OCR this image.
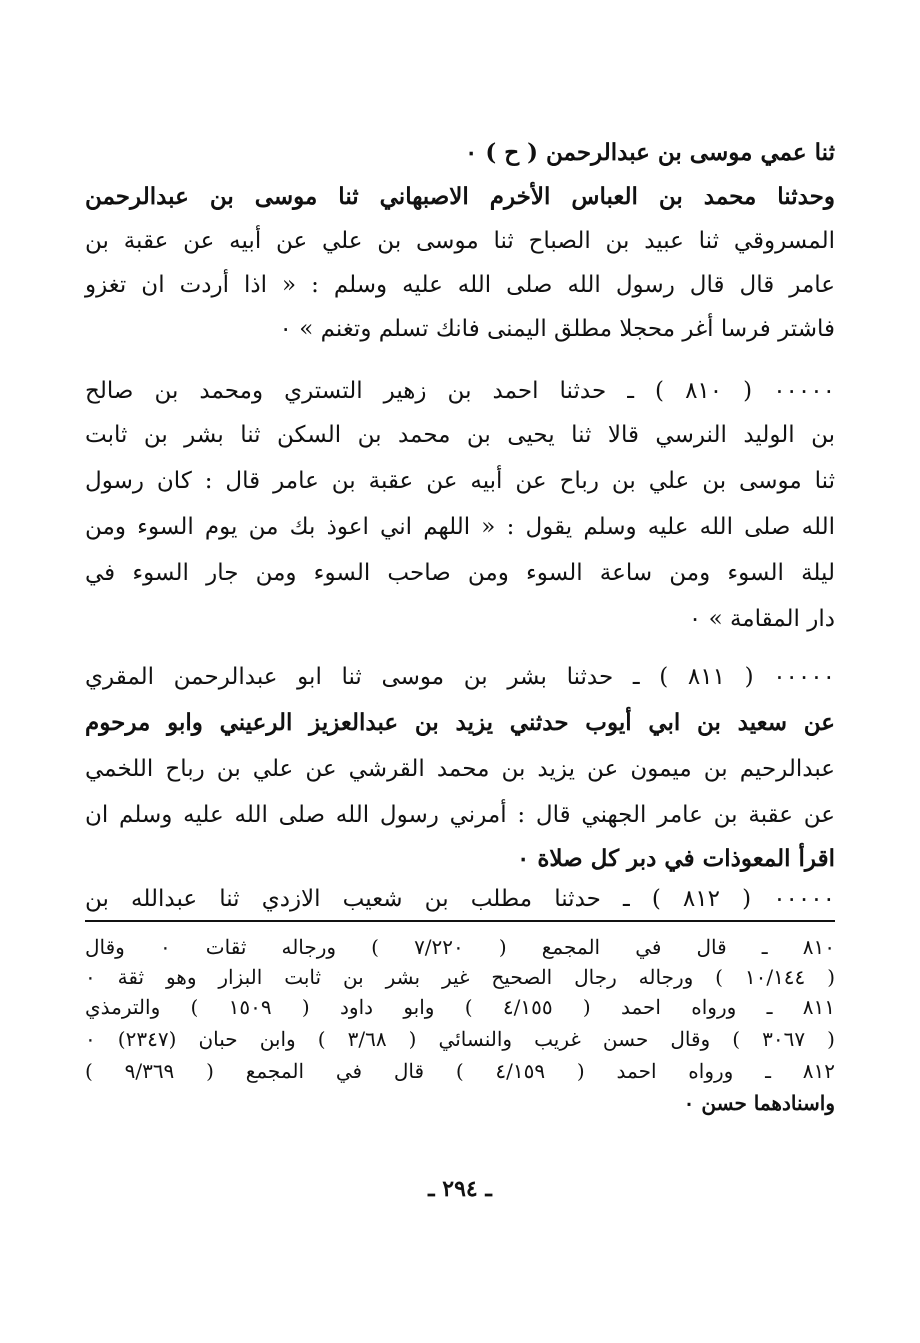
ثنا عمي موسى بن عبدالرحمن ( ح ) ٠
وحدثنا محمد بن العباس الأخرم الاصبهاني ثنا موسى بن عبدالرحمن
المسروقي ثنا عبيد بن الصباح ثنا موسى بن علي عن أبيه عن عقبة بن
عامر قال قال رسول الله صلى الله عليه وسلم : « اذا أردت ان تغزو
فاشتر فرسا أغر محجلا مطلق اليمنى فانك تسلم وتغنم » ٠
٠٠٠٠٠ ( ٨١٠ ) ـ حدثنا احمد بن زهير التستري ومحمد بن صالح
بن الوليد النرسي قالا ثنا يحيى بن محمد بن السكن ثنا بشر بن ثابت
ثنا موسى بن علي بن رباح عن أبيه عن عقبة بن عامر قال : كان رسول
الله صلى الله عليه وسلم يقول : « اللهم اني اعوذ بك من يوم السوء ومن
ليلة السوء ومن ساعة السوء ومن صاحب السوء ومن جار السوء في
دار المقامة » ٠
٠٠٠٠٠ ( ٨١١ ) ـ حدثنا بشر بن موسى ثنا ابو عبدالرحمن المقري
عن سعيد بن ابي أيوب حدثني يزيد بن عبدالعزيز الرعيني وابو مرحوم
عبدالرحيم بن ميمون عن يزيد بن محمد القرشي عن علي بن رباح اللخمي
عن عقبة بن عامر الجهني قال : أمرني رسول الله صلى الله عليه وسلم ان
اقرأ المعوذات في دبر كل صلاة ٠
٠٠٠٠٠ ( ٨١٢ ) ـ حدثنا مطلب بن شعيب الازدي ثنا عبدالله بن
٨١٠ ـ قال في المجمع ( ٧/٢٢٠ ) ورجاله ثقات ٠ وقال
( ١٠/١٤٤ ) ورجاله رجال الصحيح غير بشر بن ثابت البزار وهو ثقة ٠
٨١١ ـ ورواه احمد ( ٤/١٥٥ ) وابو داود ( ١٥٠٩ ) والترمذي
( ٣٠٦٧ ) وقال حسن غريب والنسائي ( ٣/٦٨ ) وابن حبان (٢٣٤٧) ٠
٨١٢ ـ ورواه احمد ( ٤/١٥٩ ) قال في المجمع ( ٩/٣٦٩ )
واسنادهما حسن ٠
ـ ٢٩٤ ـ
